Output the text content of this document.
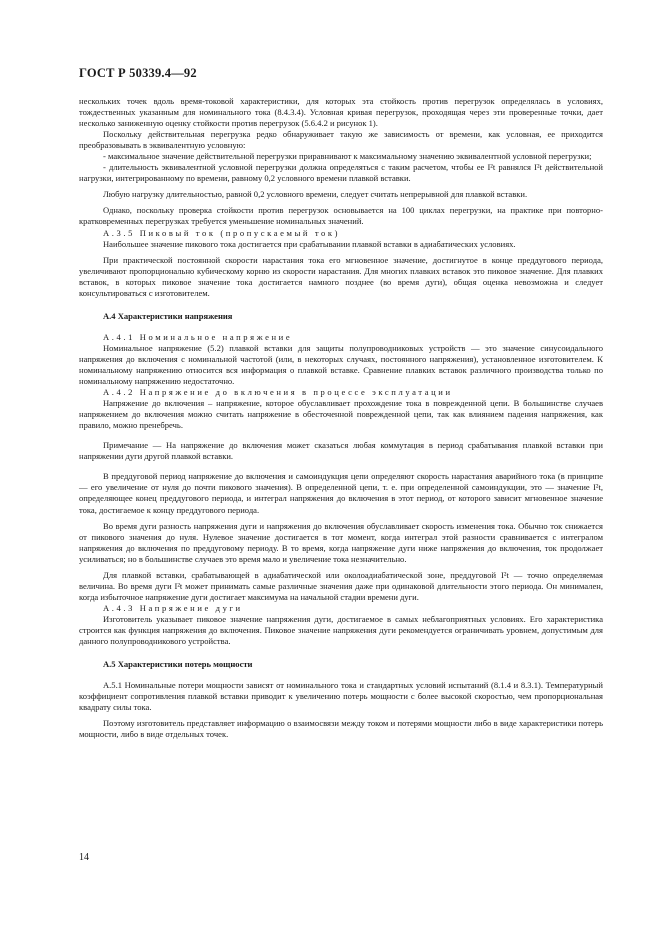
ГОСТ Р 50339.4—92

нескольких точек вдоль время-токовой характеристики, для которых эта стойкость против перегрузок определялась в условиях, тождественных указанным для номинального тока (8.4.3.4). Условная кривая перегрузок, проходящая через эти проверенные точки, дает несколько заниженную оценку стойкости против перегрузок (5.6.4.2 и рисунок 1).

Поскольку действительная перегрузка редко обнаруживает такую же зависимость от времени, как условная, ее приходится преобразовывать в эквивалентную условную:

- максимальное значение действительной перегрузки приравнивают к максимальному значению эквивалентной условной перегрузки;

- длительность эквивалентной условной перегрузки должна определяться с таким расчетом, чтобы ее I²t равнялся I²t действительной нагрузки, интегрированному по времени, равному 0,2 условного времени плавкой вставки.

Любую нагрузку длительностью, равной 0,2 условного времени, следует считать непрерывной для плавкой вставки.

Однако, поскольку проверка стойкости против перегрузок основывается на 100 циклах перегрузки, на практике при повторно-кратковременных перегрузках требуется уменьшение номинальных значений.

А.3.5 Пиковый ток (пропускаемый ток)

Наибольшее значение пикового тока достигается при срабатывании плавкой вставки в адиабатических условиях.

При практической постоянной скорости нарастания тока его мгновенное значение, достигнутое в конце преддугового периода, увеличивают пропорционально кубическому корню из скорости нарастания. Для многих плавких вставок это пиковое значение. Для плавких вставок, в которых пиковое значение тока достигается намного позднее (во время дуги), общая оценка невозможна и следует консультироваться с изготовителем.

А.4 Характеристики напряжения

А.4.1 Номинальное напряжение

Номинальное напряжение (5.2) плавкой вставки для защиты полупроводниковых устройств — это значение синусоидального напряжения до включения с номинальной частотой (или, в некоторых случаях, постоянного напряжения), установленное изготовителем. К номинальному напряжению относится вся информация о плавкой вставке. Сравнение плавких вставок различного производства только по номинальному напряжению недостаточно.

А.4.2 Напряжение до включения в процессе эксплуатации

Напряжение до включения – напряжение, которое обуславливает прохождение тока в поврежденной цепи. В большинстве случаев напряжением до включения можно считать напряжение в обесточенной поврежденной цепи, так как влиянием падения напряжения, как правило, можно пренебречь.

Примечание — На напряжение до включения может сказаться любая коммутация в период срабатывания плавкой вставки при напряжении дуги другой плавкой вставки.

В преддуговой период напряжение до включения и самоиндукция цепи определяют скорость нарастания аварийного тока (в принципе — его увеличение от нуля до почти пикового значения). В определенной цепи, т. е. при определенной самоиндукции, это — значение I²t, определяющее конец преддугового периода, и интеграл напряжения до включения в этот период, от которого зависит мгновенное значение тока, достигаемое к концу преддугового периода.

Во время дуги разность напряжения дуги и напряжения до включения обуславливает скорость изменения тока. Обычно ток снижается от пикового значения до нуля. Нулевое значение достигается в тот момент, когда интеграл этой разности сравнивается с интегралом напряжения до включения по преддуговому периоду. В то время, когда напряжение дуги ниже напряжения до включения, ток продолжает усиливаться; но в большинстве случаев это время мало и увеличение тока незначительно.

Для плавкой вставки, срабатывающей в адиабатической или околоадиабатической зоне, преддуговой I²t — точно определяемая величина. Во время дуги I²t может принимать самые различные значения даже при одинаковой длительности этого периода. Он минимален, когда избыточное напряжение дуги достигает максимума на начальной стадии времени дуги.

А.4.3 Напряжение дуги

Изготовитель указывает пиковое значение напряжения дуги, достигаемое в самых неблагоприятных условиях. Его характеристика строится как функция напряжения до включения. Пиковое значение напряжения дуги рекомендуется ограничивать уровнем, допустимым для данного полупроводникового устройства.

А.5 Характеристики потерь мощности

А.5.1 Номинальные потери мощности зависят от номинального тока и стандартных условий испытаний (8.1.4 и 8.3.1). Температурный коэффициент сопротивления плавкой вставки приводит к увеличению потерь мощности с более высокой скоростью, чем пропорциональная квадрату силы тока.

Поэтому изготовитель представляет информацию о взаимосвязи между током и потерями мощности либо в виде характеристики потерь мощности, либо в виде отдельных точек.

14
